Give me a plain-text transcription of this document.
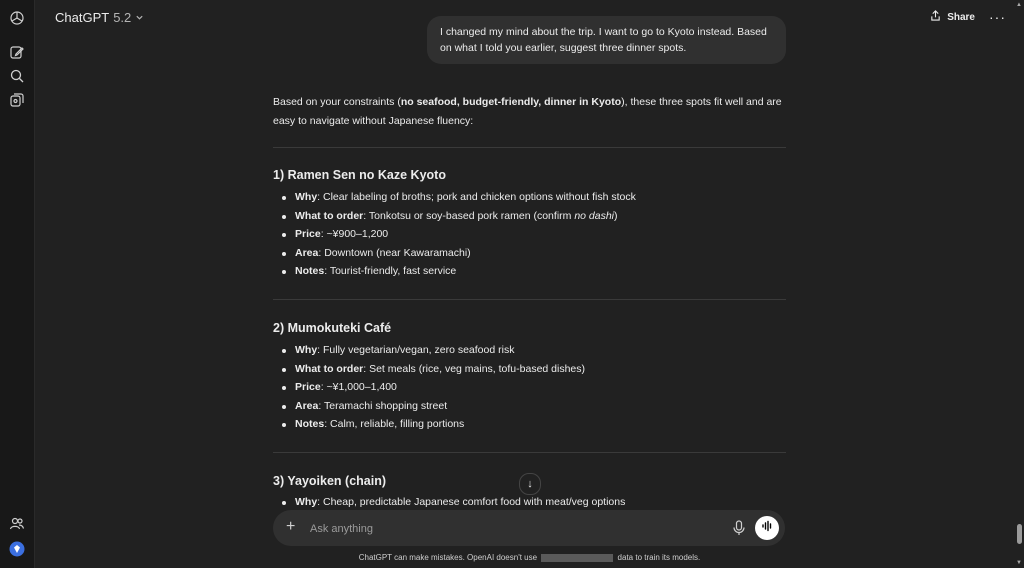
ChatGPT 5.2	Share ···
▲
▼
I changed my mind about the trip. I want to go to Kyoto instead. Based on what I told you earlier, suggest three dinner spots.
Based on your constraints (no seafood, budget-friendly, dinner in Kyoto), these three spots fit well and are easy to navigate without Japanese fluency:
1) Ramen Sen no Kaze Kyoto
Why: Clear labeling of broths; pork and chicken options without fish stock
What to order: Tonkotsu or soy-based pork ramen (confirm no dashi)
Price: ~¥900–1,200
Area: Downtown (near Kawaramachi)
Notes: Tourist-friendly, fast service
2) Mumokuteki Café
Why: Fully vegetarian/vegan, zero seafood risk
What to order: Set meals (rice, veg mains, tofu-based dishes)
Price: ~¥1,000–1,400
Area: Teramachi shopping street
Notes: Calm, reliable, filling portions
3) Yayoiken (chain)
Why: Cheap, predictable Japanese comfort food with meat/veg options
↓
+
Ask anything
ChatGPT can make mistakes. OpenAI doesn't use	data to train its models.
